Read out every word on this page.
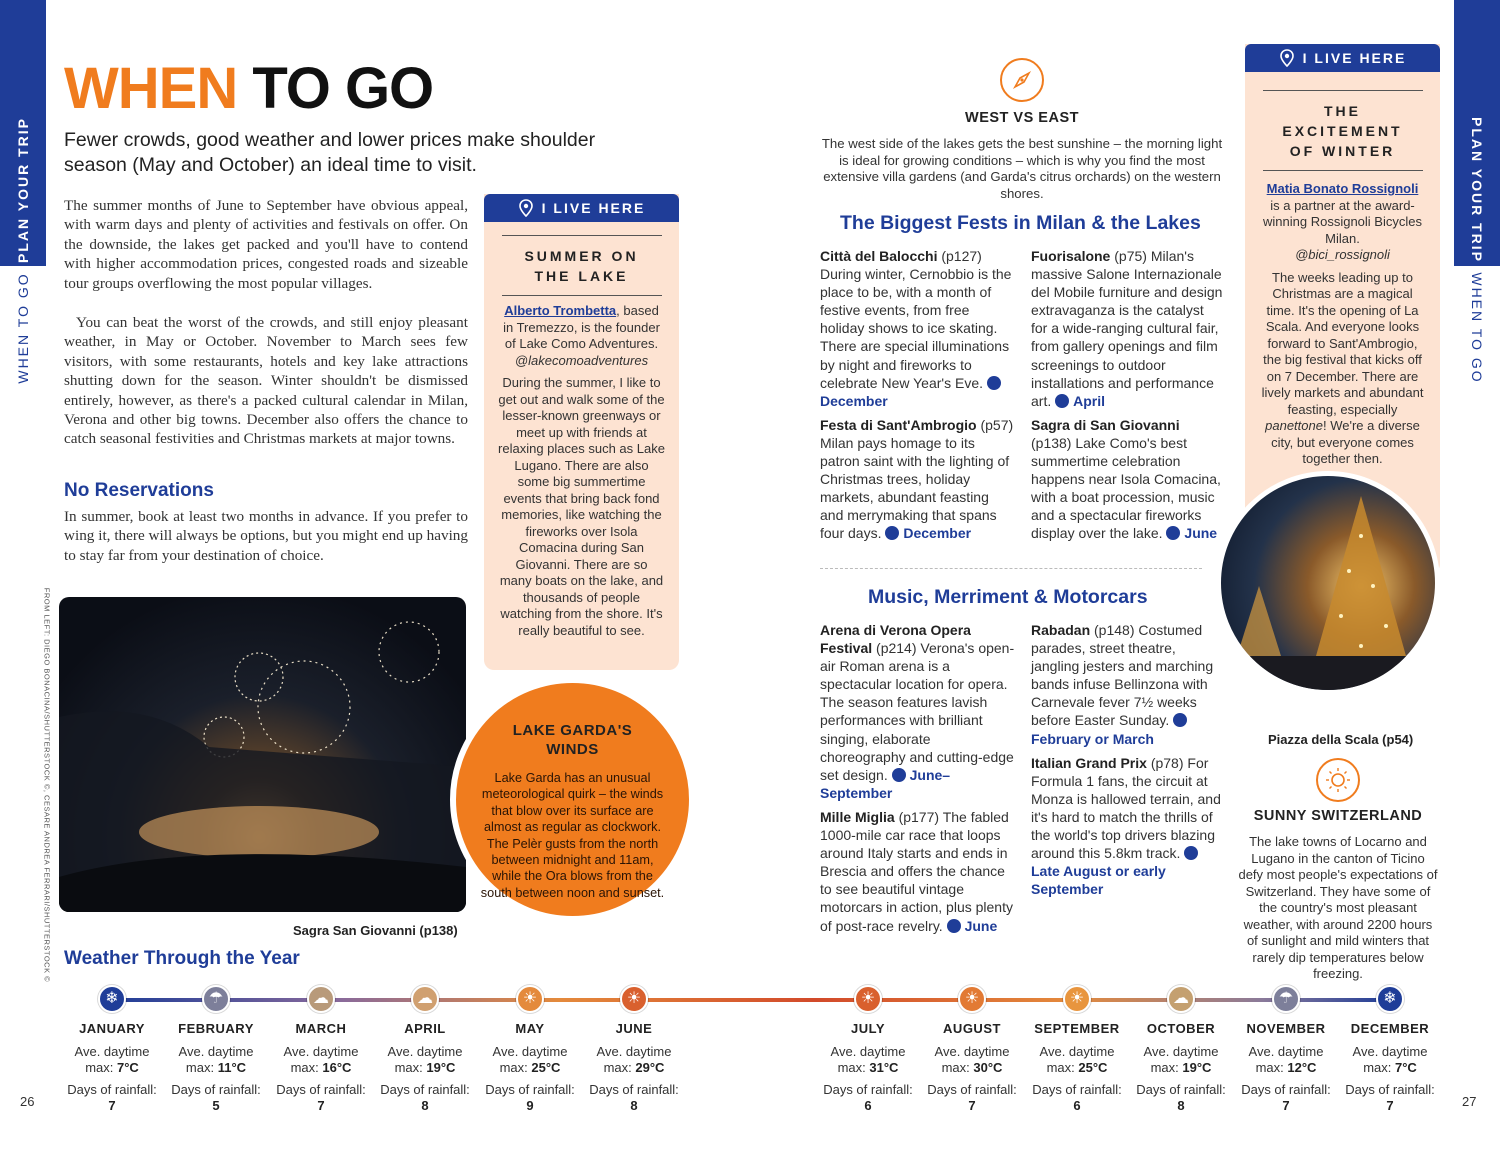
PLAN YOUR TRIP
WHEN TO GO
PLAN YOUR TRIP
WHEN TO GO
26	27
WHEN TO GO
Fewer crowds, good weather and lower prices make shoulder season (May and October) an ideal time to visit.
The summer months of June to September have obvious appeal, with warm days and plenty of activities and festivals on offer. On the downside, the lakes get packed and you'll have to contend with higher accommodation prices, congested roads and sizeable tour groups overflowing the most popular villages.
You can beat the worst of the crowds, and still enjoy pleasant weather, in May or October. November to March sees few visitors, with some restaurants, hotels and key lake attractions shutting down for the season. Winter shouldn't be dismissed entirely, however, as there's a packed cultural calendar in Milan, Verona and other big towns. December also offers the chance to catch seasonal festivities and Christmas markets at major towns.
No Reservations
In summer, book at least two months in advance. If you prefer to wing it, there will always be options, but you might end up having to stay far from your destination of choice.
I LIVE HERE
SUMMER ON THE LAKE
Alberto Trombetta, based in Tremezzo, is the founder of Lake Como Adventures.
@lakecomoadventures
During the summer, I like to get out and walk some of the lesser-known greenways or meet up with friends at relaxing places such as Lake Lugano. There are also some big summertime events that bring back fond memories, like watching the fireworks over Isola Comacina during San Giovanni. There are so many boats on the lake, and thousands of people watching from the shore. It's really beautiful to see.
Sagra San Giovanni (p138)
FROM LEFT: DIEGO BONACINA/SHUTTERSTOCK ©, CESARE ANDREA FERRARI/SHUTTERSTOCK ©	LAKE GARDA'S WINDS
Lake Garda has an unusual meteorological quirk – the winds that blow over its surface are almost as regular as clockwork. The Pelèr gusts from the north between midnight and 11am, while the Ora blows from the south between noon and sunset.
Weather Through the Year
❄
JANUARY
Ave. daytime
max: 7°C
Days of rainfall:
7
☂
FEBRUARY
Ave. daytime
max: 11°C
Days of rainfall:
5
☁
MARCH
Ave. daytime
max: 16°C
Days of rainfall:
7
☁
APRIL
Ave. daytime
max: 19°C
Days of rainfall:
8
☀
MAY
Ave. daytime
max: 25°C
Days of rainfall:
9
☀
JUNE
Ave. daytime
max: 29°C
Days of rainfall:
8
☀
JULY
Ave. daytime
max: 31°C
Days of rainfall:
6
☀
AUGUST
Ave. daytime
max: 30°C
Days of rainfall:
7
☀
SEPTEMBER
Ave. daytime
max: 25°C
Days of rainfall:
6
☁
OCTOBER
Ave. daytime
max: 19°C
Days of rainfall:
8
☂
NOVEMBER
Ave. daytime
max: 12°C
Days of rainfall:
7
❄
DECEMBER
Ave. daytime
max: 7°C
Days of rainfall:
7
WEST VS EAST
The west side of the lakes gets the best sunshine – the morning light is ideal for growing conditions – which is why you find the most extensive villa gardens (and Garda's citrus orchards) on the western shores.
The Biggest Fests in Milan & the Lakes
Città del Balocchi (p127) During winter, Cernobbio is the place to be, with a month of festive events, from free holiday shows to ice skating. There are special illuminations by night and fireworks to celebrate New Year's Eve. December
Festa di Sant'Ambrogio (p57) Milan pays homage to its patron saint with the lighting of Christmas trees, holiday markets, abundant feasting and merrymaking that spans four days. December
Fuorisalone (p75) Milan's massive Salone Internazionale del Mobile furniture and design extravaganza is the catalyst for a wide-ranging cultural fair, from gallery openings and film screenings to outdoor installations and performance art. April
Sagra di San Giovanni (p138) Lake Como's best summertime celebration happens near Isola Comacina, with a boat procession, music and a spectacular fireworks display over the lake. June
Music, Merriment & Motorcars
Arena di Verona Opera Festival (p214) Verona's open-air Roman arena is a spectacular location for opera. The season features lavish performances with brilliant singing, elaborate choreography and cutting-edge set design. June–September
Mille Miglia (p177) The fabled 1000-mile car race that loops around Italy starts and ends in Brescia and offers the chance to see beautiful vintage motorcars in action, plus plenty of post-race revelry. June
Rabadan (p148) Costumed parades, street theatre, jangling jesters and marching bands infuse Bellinzona with Carnevale fever 7½ weeks before Easter Sunday. February or March
Italian Grand Prix (p78) For Formula 1 fans, the circuit at Monza is hallowed terrain, and it's hard to match the thrills of the world's top drivers blazing around this 5.8km track. Late August or early September
I LIVE HERE
THE EXCITEMENT OF WINTER
Matia Bonato Rossignoli
is a partner at the award-winning Rossignoli Bicycles Milan.
@bici_rossignoli
The weeks leading up to Christmas are a magical time. It's the opening of La Scala. And everyone looks forward to Sant'Ambrogio, the big festival that kicks off on 7 December. There are lively markets and abundant feasting, especially panettone! We're a diverse city, but everyone comes together then.
Piazza della Scala (p54)
SUNNY SWITZERLAND
The lake towns of Locarno and Lugano in the canton of Ticino defy most people's expectations of Switzerland. They have some of the country's most pleasant weather, with around 2200 hours of sunlight and mild winters that rarely dip temperatures below freezing.
